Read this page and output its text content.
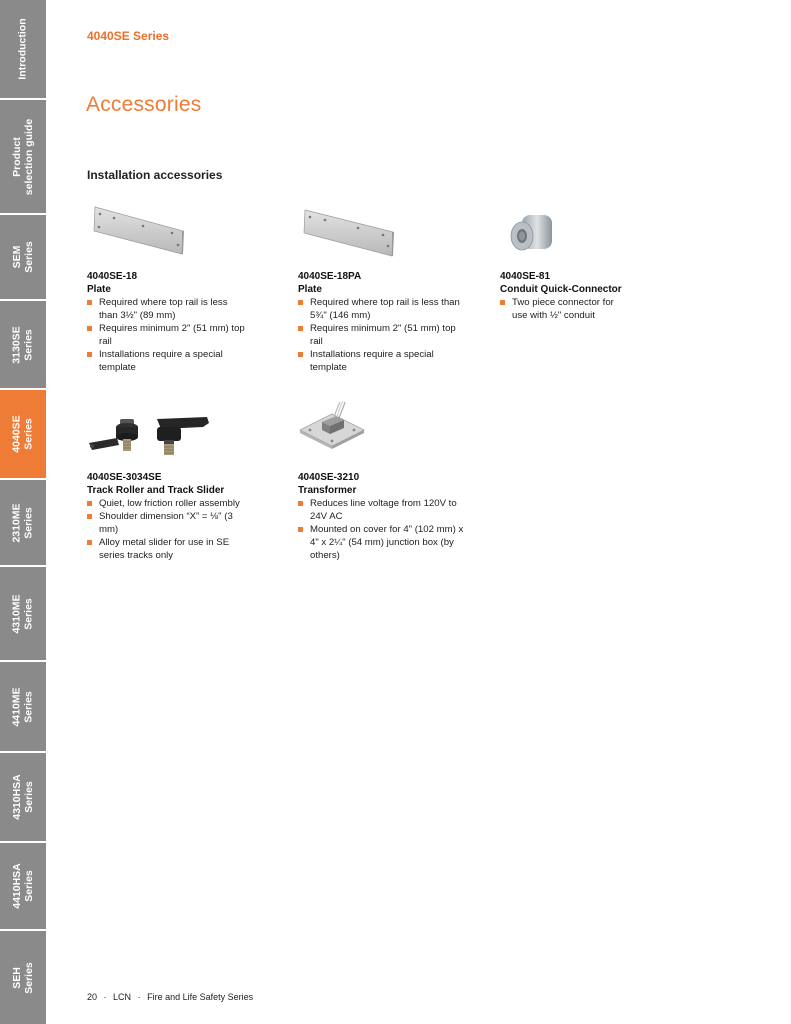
Introduction
Product selection guide
SEM Series
3130SE Series
4040SE Series
2310ME Series
4310ME Series
4410ME Series
4310HSA Series
4410HSA Series
SEH Series
4040SE Series
Accessories
Installation accessories
4040SE-18
Plate
Required where top rail is less than 3½" (89 mm)
Requires minimum 2" (51 mm) top rail
Installations require a special template
4040SE-18PA
Plate
Required where top rail is less than 5¾" (146 mm)
Requires minimum 2" (51 mm) top rail
Installations require a special template
4040SE-81
Conduit Quick-Connector
Two piece connector for use with ½" conduit
4040SE-3034SE
Track Roller and Track Slider
Quiet, low friction roller assembly
Shoulder dimension “X” = ⅛" (3 mm)
Alloy metal slider for use in SE series tracks only
4040SE-3210
Transformer
Reduces line voltage from 120V to 24V AC
Mounted on cover for 4" (102 mm) x 4" x 2¼" (54 mm) junction box (by others)
20 · LCN · Fire and Life Safety Series
